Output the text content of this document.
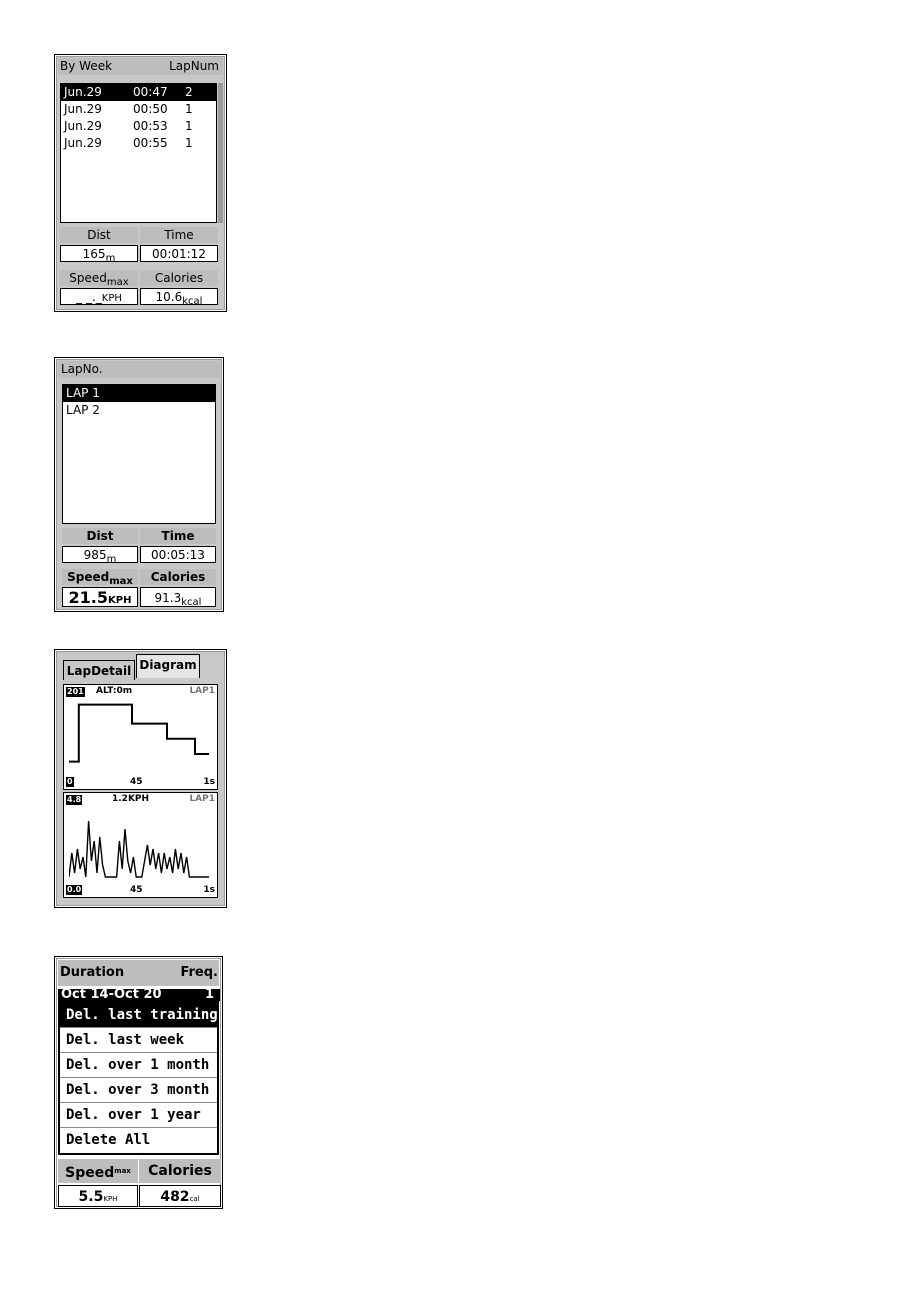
By Week	LapNum
Jun.29	00:47 2
Jun.29	00:50 1
Jun.29	00:53 1
Jun.29	00:55 1
Dist	Time
$165_m$	00:01:12
Speed$_{max}$	Calories
_ _._KPH	$10.6_{kcal}$
LapNo.
LAP 1
LAP 2
Dist	Time
$985_m$	00:05:13
Speed$_{max}$	Calories
21.5KPH	$91.3_{kcal}$
LapDetail Diagram
201 ALT:0m	LAP1
0	45	1s
4.8	1.2KPH	LAP1
0.0	45	1s
Duration	Freq.
Oct 14-Oct 20	1
Del. last training
Del. last week
Del. over 1 month
Del. over 3 month
Del. over 1 year
Delete All
Speed$^{max}$	Calories
5.5KPH	482cal
